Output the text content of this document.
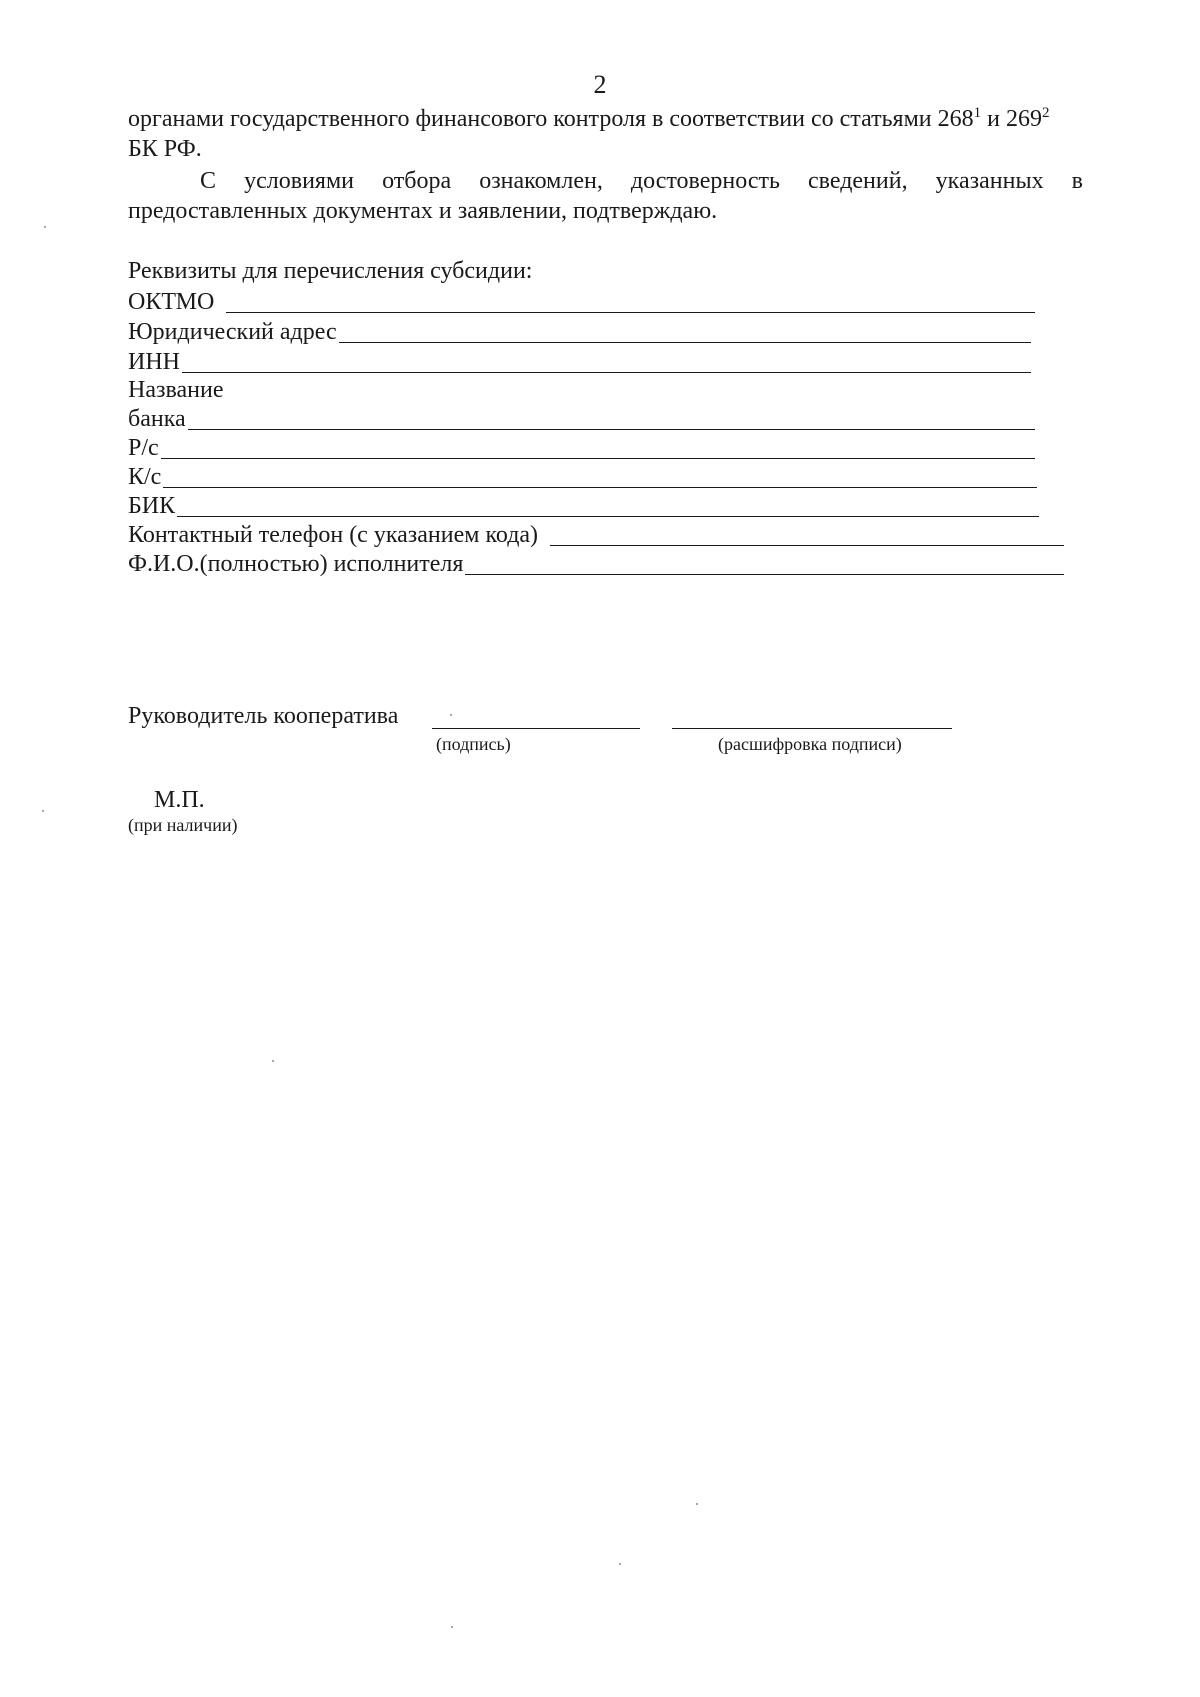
2
органами государственного финансового контроля в соответствии со статьями $268^1$ и $269^2$ БК РФ.
С условиями отбора ознакомлен, достоверность сведений, указанных в предоставленных документах и заявлении, подтверждаю.
Реквизиты для перечисления субсидии:
ОКТМО
Юридический адрес
ИНН
Название
банка
Р/с
К/с
БИК
Контактный телефон (с указанием кода)
Ф.И.О.(полностью) исполнителя
Руководитель кооператива
(подпись)	(расшифровка подписи)
М.П.
(при наличии)
